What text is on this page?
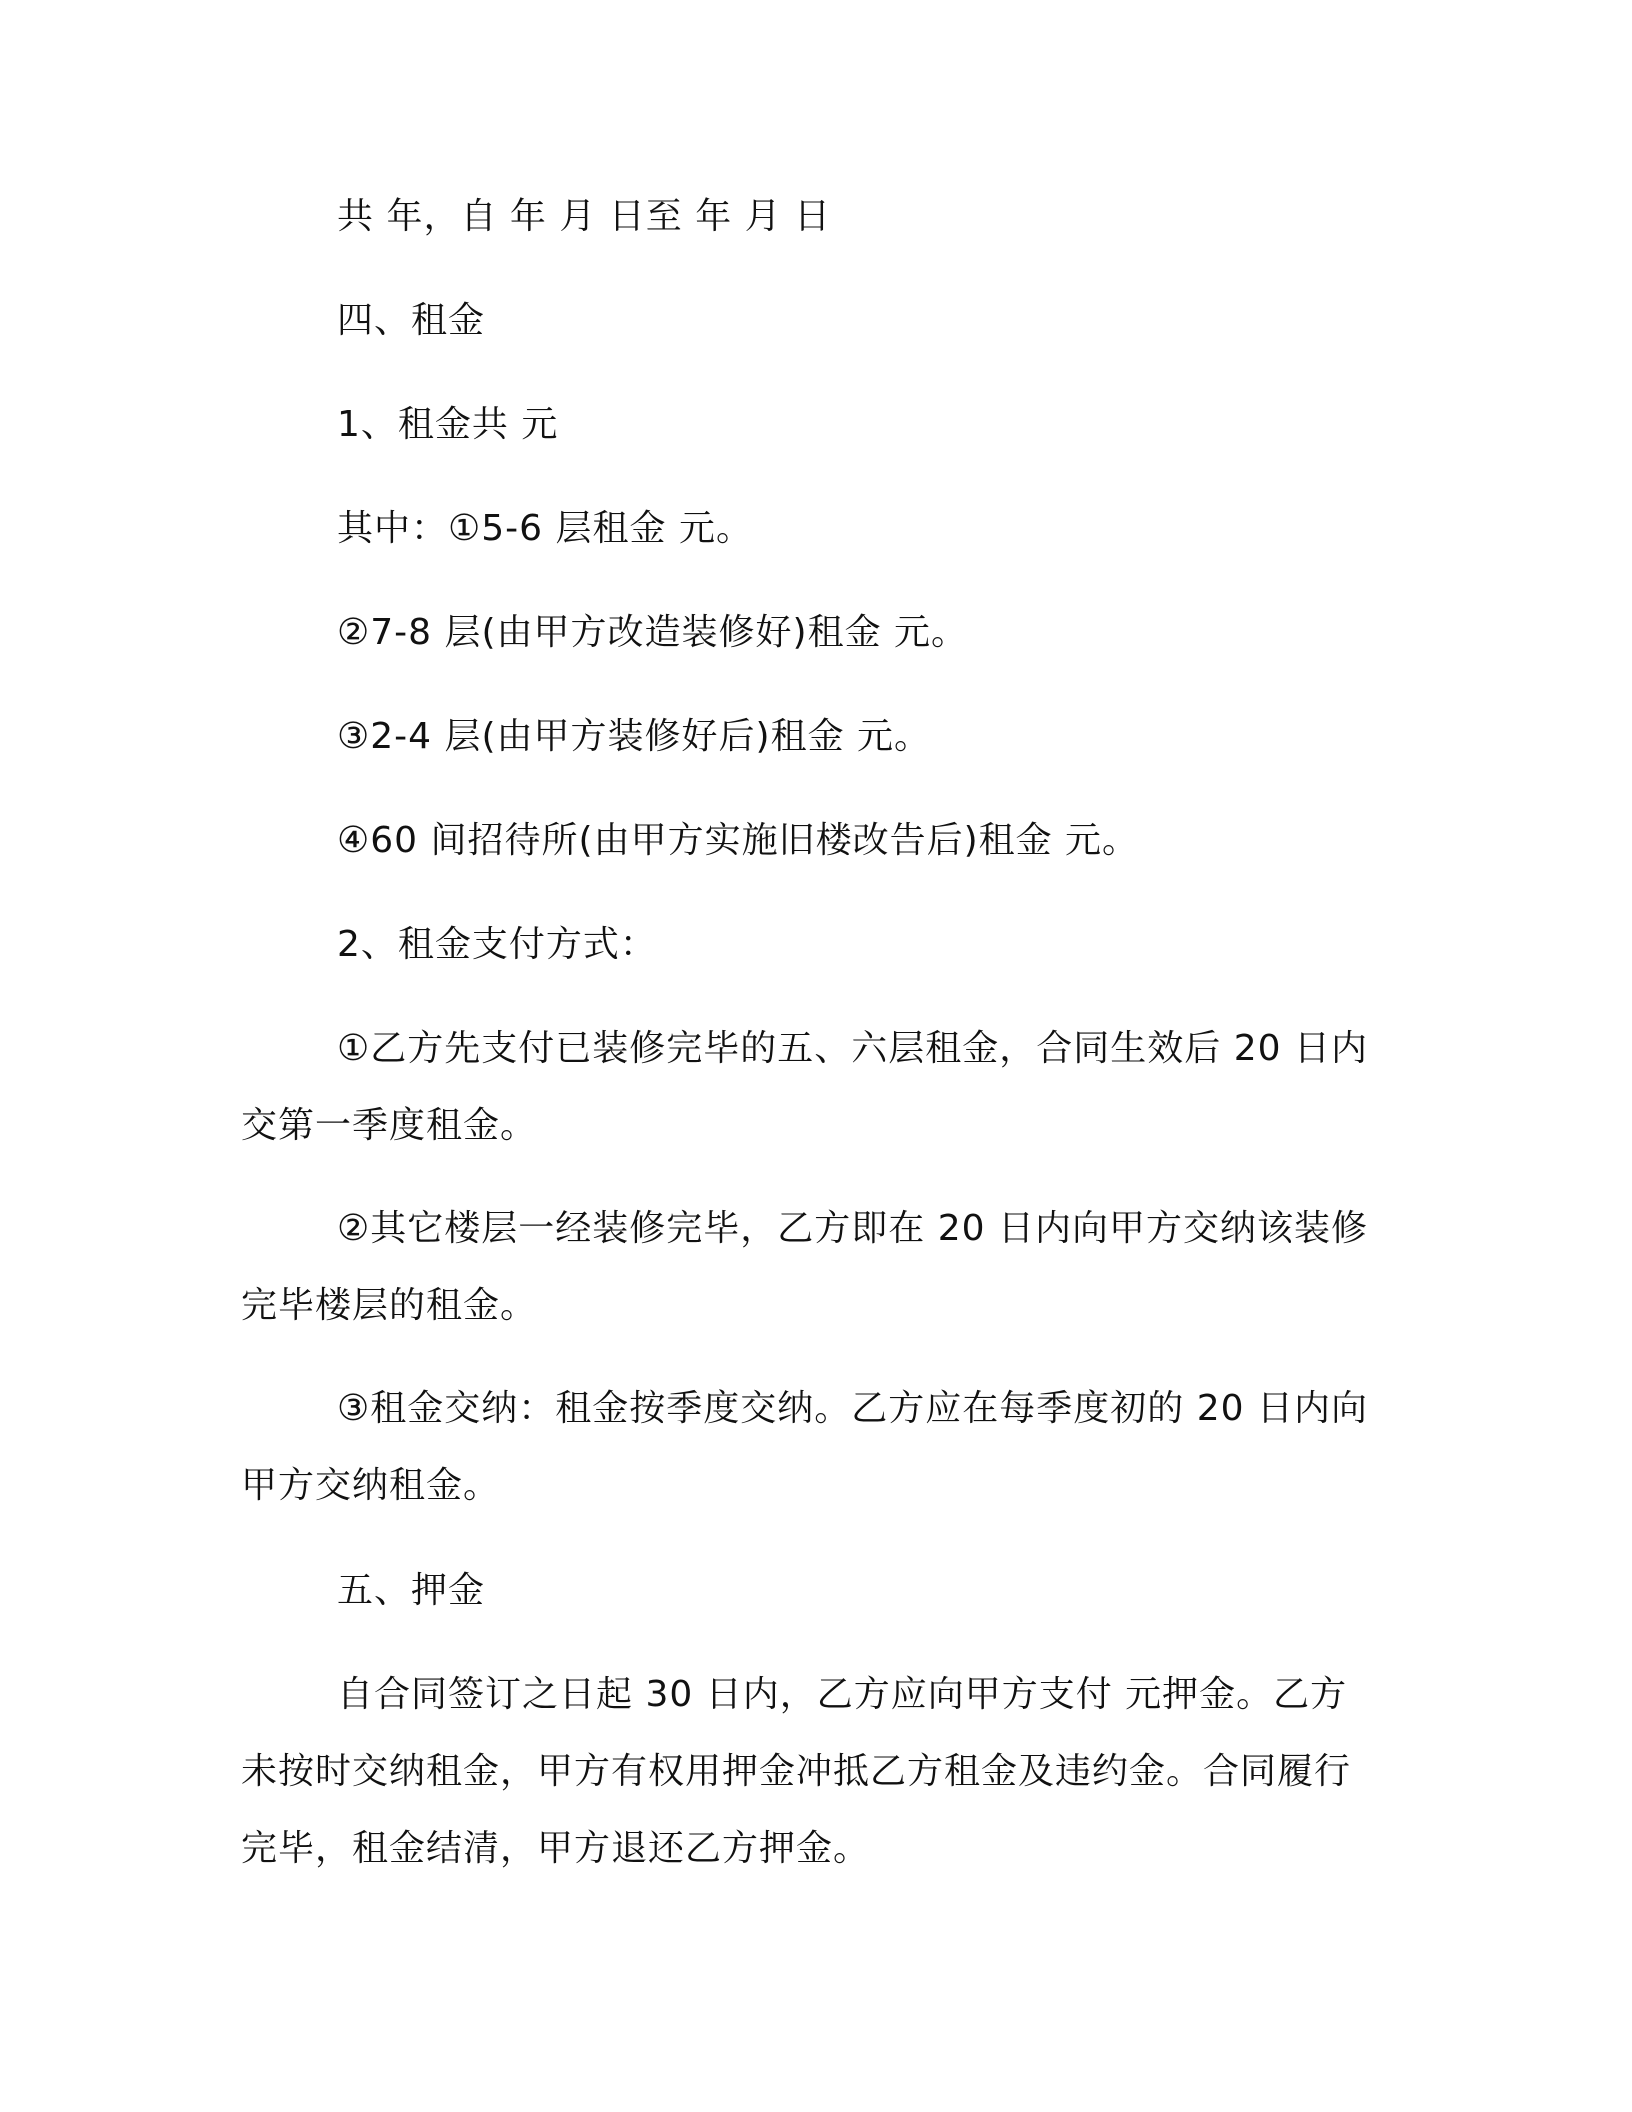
共 年，自 年 月 日至 年 月 日

四、租金

1、租金共 元

其中：①5-6 层租金 元。

②7-8 层(由甲方改造装修好)租金 元。

③2-4 层(由甲方装修好后)租金 元。

④60 间招待所(由甲方实施旧楼改告后)租金 元。

2、租金支付方式：

①乙方先支付已装修完毕的五、六层租金，合同生效后 20 日内交第一季度租金。

②其它楼层一经装修完毕，乙方即在 20 日内向甲方交纳该装修完毕楼层的租金。

③租金交纳：租金按季度交纳。乙方应在每季度初的 20 日内向甲方交纳租金。

五、押金

自合同签订之日起 30 日内，乙方应向甲方支付 元押金。乙方未按时交纳租金，甲方有权用押金冲抵乙方租金及违约金。合同履行完毕，租金结清，甲方退还乙方押金。
